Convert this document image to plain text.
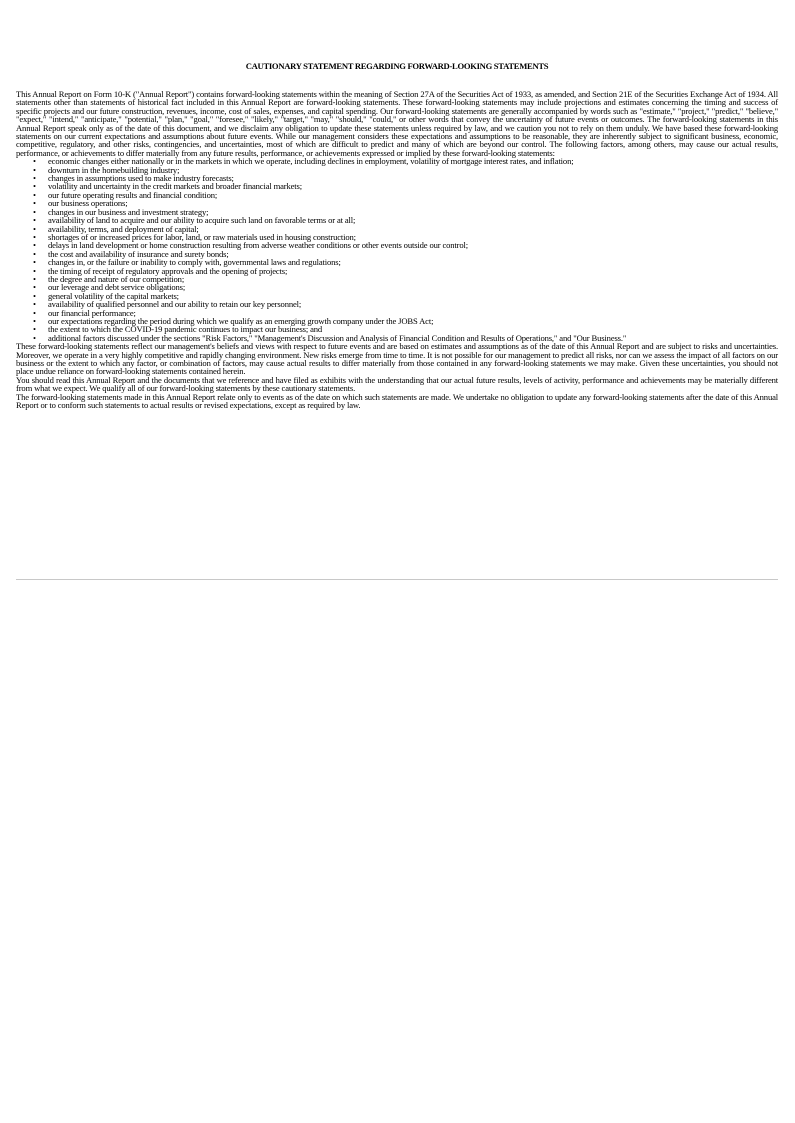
CAUTIONARY STATEMENT REGARDING FORWARD-LOOKING STATEMENTS

This Annual Report on Form 10-K ("Annual Report") contains forward-looking statements within the meaning of Section 27A of the Securities Act of 1933, as amended, and Section 21E of the Securities Exchange Act of 1934. All statements other than statements of historical fact included in this Annual Report are forward-looking statements. These forward-looking statements may include projections and estimates concerning the timing and success of specific projects and our future construction, revenues, income, cost of sales, expenses, and capital spending. Our forward-looking statements are generally accompanied by words such as "estimate," "project," "predict," "believe," "expect," "intend," "anticipate," "potential," "plan," "goal," "foresee," "likely," "target," "may," "should," "could," or other words that convey the uncertainty of future events or outcomes. The forward-looking statements in this Annual Report speak only as of the date of this document, and we disclaim any obligation to update these statements unless required by law, and we caution you not to rely on them unduly. We have based these forward-looking statements on our current expectations and assumptions about future events. While our management considers these expectations and assumptions to be reasonable, they are inherently subject to significant business, economic, competitive, regulatory, and other risks, contingencies, and uncertainties, most of which are difficult to predict and many of which are beyond our control. The following factors, among others, may cause our actual results, performance, or achievements to differ materially from any future results, performance, or achievements expressed or implied by these forward-looking statements:

• economic changes either nationally or in the markets in which we operate, including declines in employment, volatility of mortgage interest rates, and inflation;
• downturn in the homebuilding industry;
• changes in assumptions used to make industry forecasts;
• volatility and uncertainty in the credit markets and broader financial markets;
• our future operating results and financial condition;
• our business operations;
• changes in our business and investment strategy;
• availability of land to acquire and our ability to acquire such land on favorable terms or at all;
• availability, terms, and deployment of capital;
• shortages of or increased prices for labor, land, or raw materials used in housing construction;
• delays in land development or home construction resulting from adverse weather conditions or other events outside our control;
• the cost and availability of insurance and surety bonds;
• changes in, or the failure or inability to comply with, governmental laws and regulations;
• the timing of receipt of regulatory approvals and the opening of projects;
• the degree and nature of our competition;
• our leverage and debt service obligations;
• general volatility of the capital markets;
• availability of qualified personnel and our ability to retain our key personnel;
• our financial performance;
• our expectations regarding the period during which we qualify as an emerging growth company under the JOBS Act;
• the extent to which the COVID-19 pandemic continues to impact our business; and
• additional factors discussed under the sections "Risk Factors," "Management's Discussion and Analysis of Financial Condition and Results of Operations," and "Our Business."

These forward-looking statements reflect our management's beliefs and views with respect to future events and are based on estimates and assumptions as of the date of this Annual Report and are subject to risks and uncertainties. Moreover, we operate in a very highly competitive and rapidly changing environment. New risks emerge from time to time. It is not possible for our management to predict all risks, nor can we assess the impact of all factors on our business or the extent to which any factor, or combination of factors, may cause actual results to differ materially from those contained in any forward-looking statements we may make. Given these uncertainties, you should not place undue reliance on forward-looking statements contained herein.

You should read this Annual Report and the documents that we reference and have filed as exhibits with the understanding that our actual future results, levels of activity, performance and achievements may be materially different from what we expect. We qualify all of our forward-looking statements by these cautionary statements.

The forward-looking statements made in this Annual Report relate only to events as of the date on which such statements are made. We undertake no obligation to update any forward-looking statements after the date of this Annual Report or to conform such statements to actual results or revised expectations, except as required by law.
